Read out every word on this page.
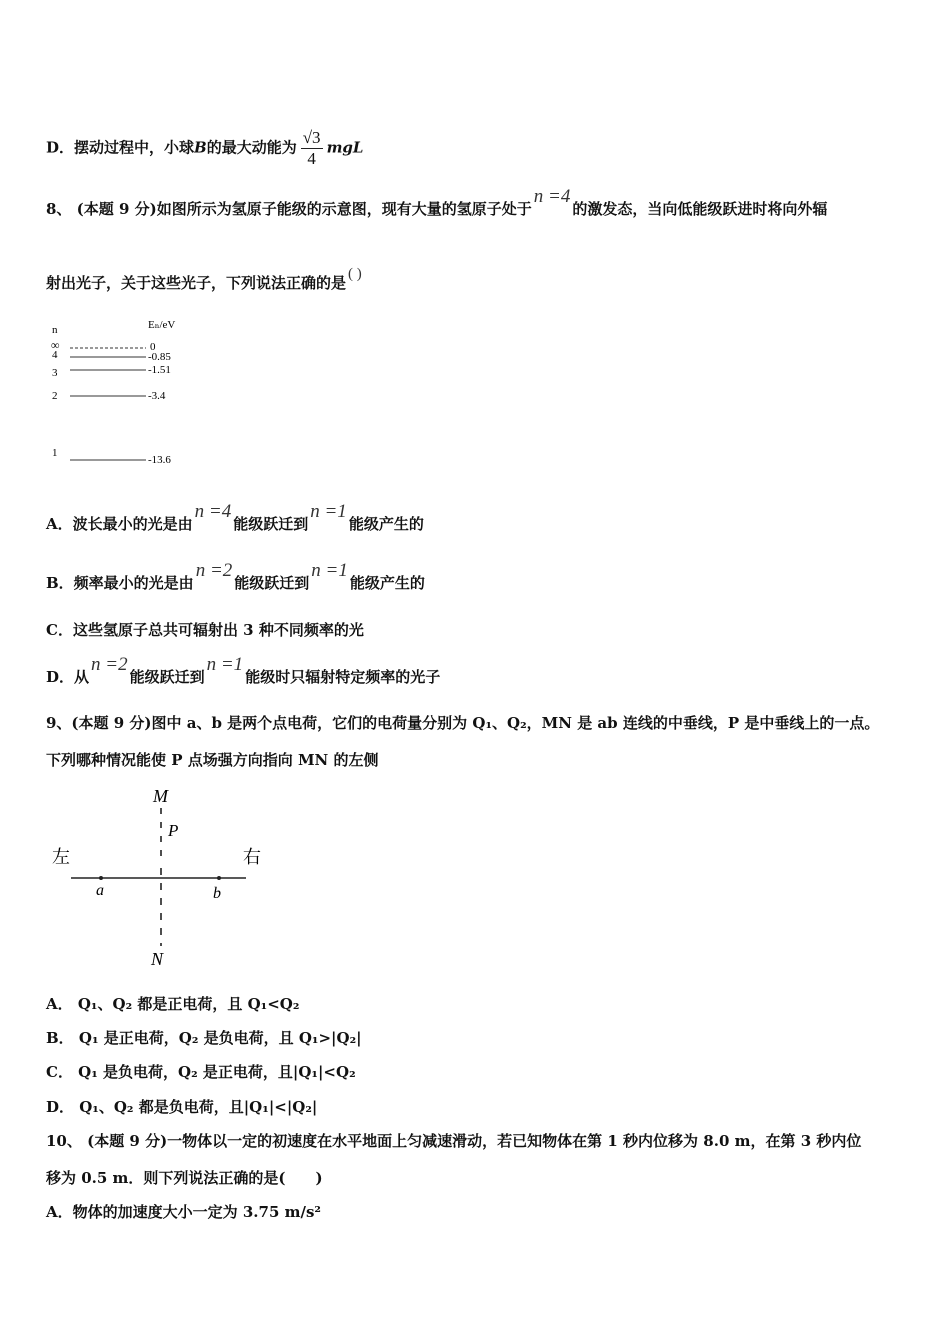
D．摆动过程中，小球B的最大动能为 $\frac{√3}{4}$ mgL
8、 (本题 9 分)如图所示为氢原子能级的示意图，现有大量的氢原子处于n =4的激发态，当向低能级跃进时将向外辐
射出光子，关于这些光子，下列说法正确的是 ( )
n	Eₙ/eV
∞	0
4	-0.85
3	-1.51
2	-3.4
1
-13.6
A．波长最小的光是由n =4能级跃迁到n =1能级产生的
B．频率最小的光是由n =2能级跃迁到n =1能级产生的
C．这些氢原子总共可辐射出 3 种不同频率的光
D．从n =2能级跃迁到n =1能级时只辐射特定频率的光子
9、(本题 9 分)图中 a、b 是两个点电荷，它们的电荷量分别为 Q₁、Q₂，MN 是 ab 连线的中垂线，P 是中垂线上的一点。
下列哪种情况能使 P 点场强方向指向 MN 的左侧
M
P
左	右
a	b
N
A． Q₁、Q₂ 都是正电荷，且 Q₁<Q₂
B． Q₁ 是正电荷，Q₂ 是负电荷，且 Q₁>|Q₂|
C． Q₁ 是负电荷，Q₂ 是正电荷，且|Q₁|<Q₂
D． Q₁、Q₂ 都是负电荷，且|Q₁|<|Q₂|
10、 (本题 9 分)一物体以一定的初速度在水平地面上匀减速滑动，若已知物体在第 1 秒内位移为 8.0 m，在第 3 秒内位
移为 0.5 m．则下列说法正确的是(　　)
A．物体的加速度大小一定为 3.75 m/s²
